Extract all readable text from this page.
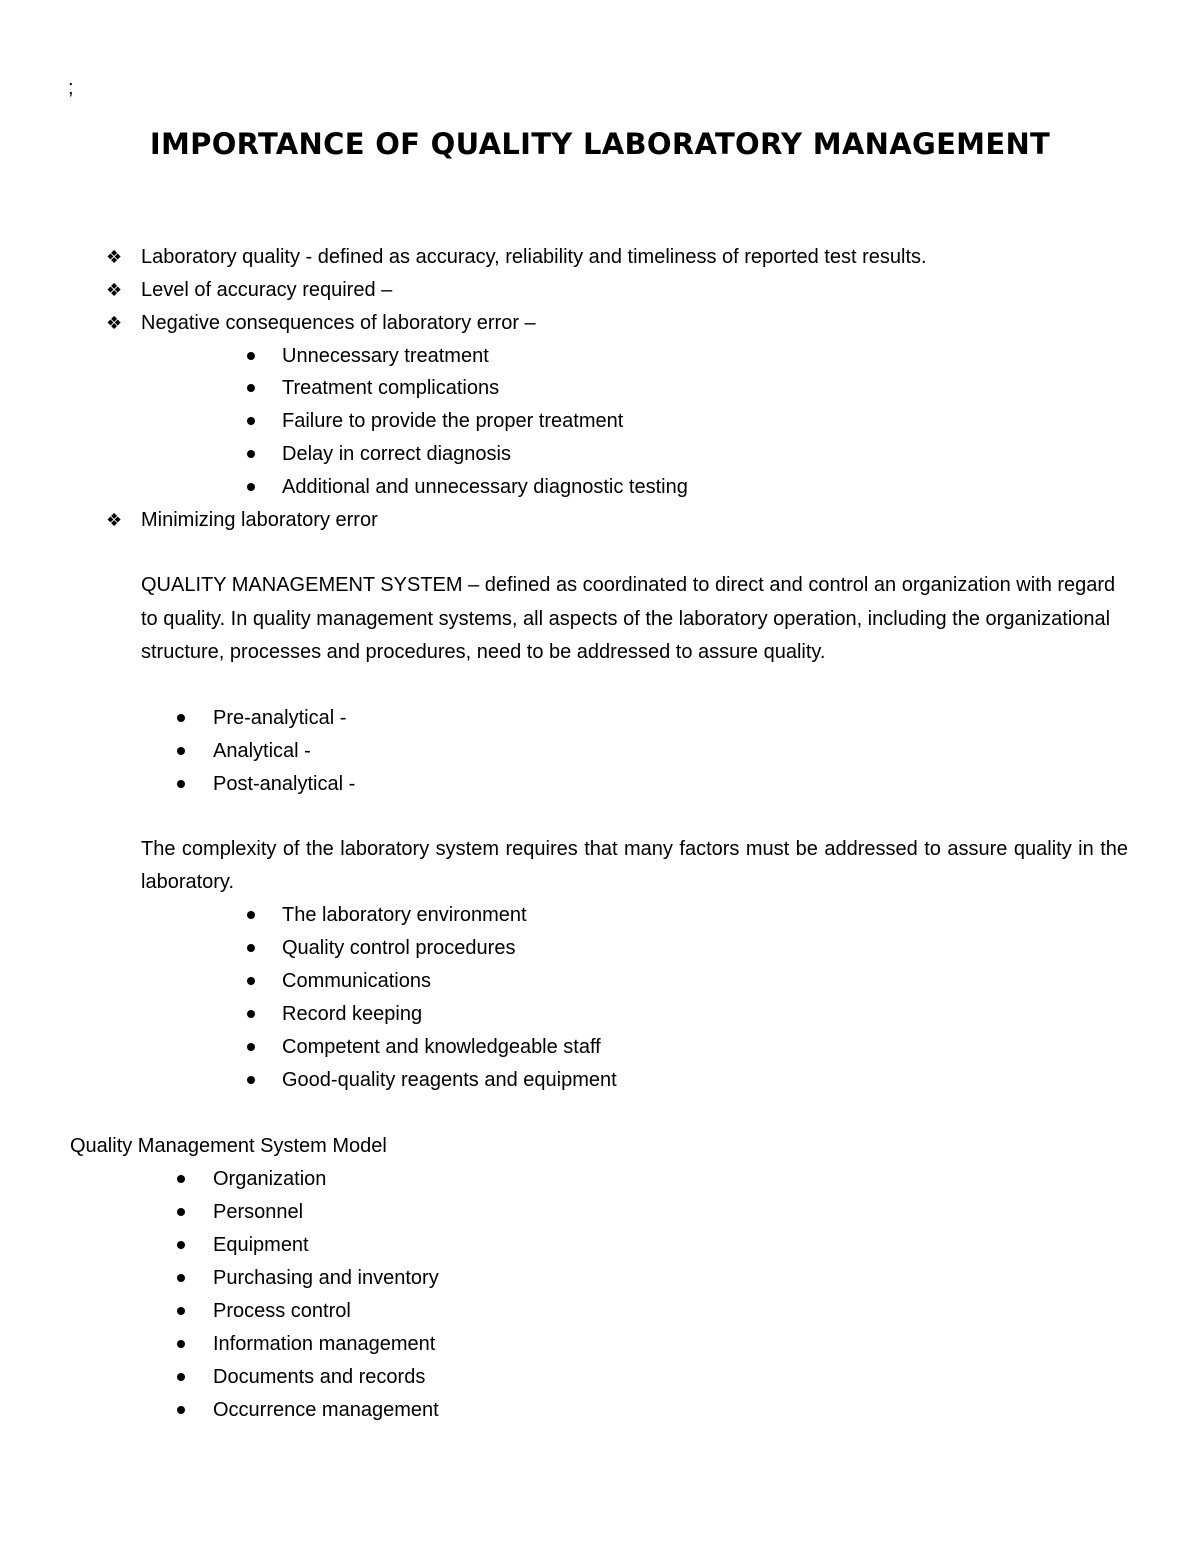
;
IMPORTANCE OF QUALITY LABORATORY MANAGEMENT
❖ Laboratory quality - defined as accuracy, reliability and timeliness of reported test results.
❖ Level of accuracy required –
❖ Negative consequences of laboratory error –
Unnecessary treatment
Treatment complications
Failure to provide the proper treatment
Delay in correct diagnosis
Additional and unnecessary diagnostic testing
❖ Minimizing laboratory error
QUALITY MANAGEMENT SYSTEM – defined as coordinated to direct and control an organization with regard to quality. In quality management systems, all aspects of the laboratory operation, including the organizational structure, processes and procedures, need to be addressed to assure quality.
Pre-analytical -
Analytical -
Post-analytical -
The complexity of the laboratory system requires that many factors must be addressed to assure quality in the laboratory.
The laboratory environment
Quality control procedures
Communications
Record keeping
Competent and knowledgeable staff
Good-quality reagents and equipment
Quality Management System Model
Organization
Personnel
Equipment
Purchasing and inventory
Process control
Information management
Documents and records
Occurrence management
